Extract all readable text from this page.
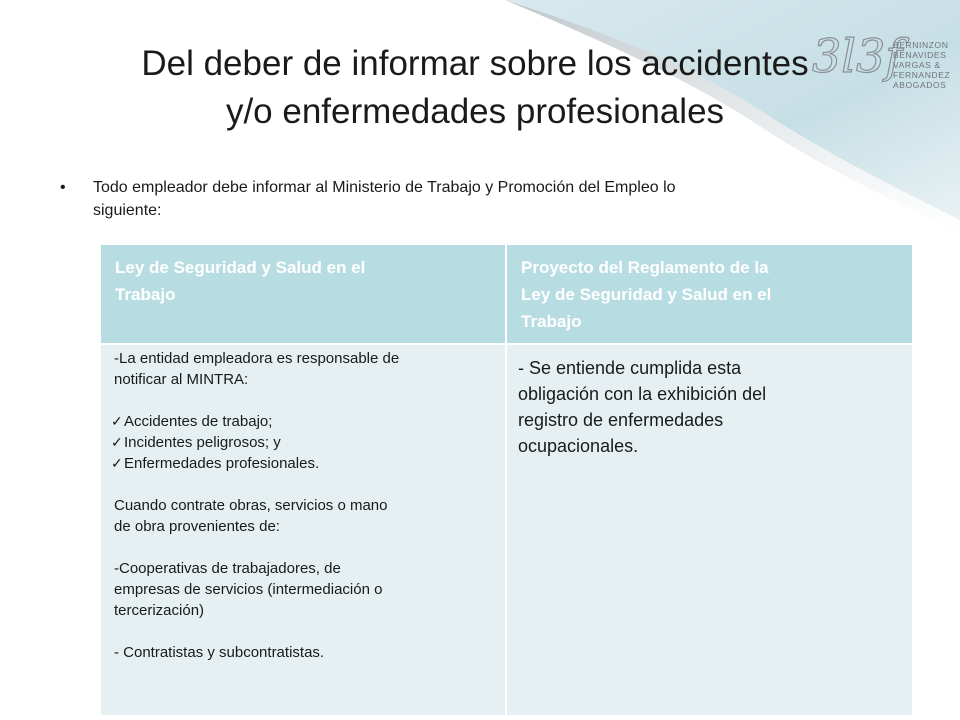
3l3f
BERNINZON
BENAVIDES
VARGAS &
FERNANDEZ
ABOGADOS
Del deber de informar sobre los accidentes
y/o enfermedades profesionales
• Todo empleador debe informar al Ministerio de Trabajo y Promoción del Empleo lo
siguiente:
Ley de Seguridad y Salud en el
Trabajo
Proyecto del Reglamento de la
Ley de Seguridad y Salud en el
Trabajo

-La entidad empleadora es responsable de

notificar al MINTRA:

✓ Accidentes de trabajo;
✓ Incidentes peligrosos; y
✓ Enfermedades profesionales.

Cuando contrate obras, servicios o mano

de obra provenientes de:

-Cooperativas de trabajadores, de

empresas de servicios (intermediación o

tercerización)

- Contratistas y subcontratistas.

- Se entiende cumplida esta
obligación con la exhibición del
registro de enfermedades
ocupacionales.
